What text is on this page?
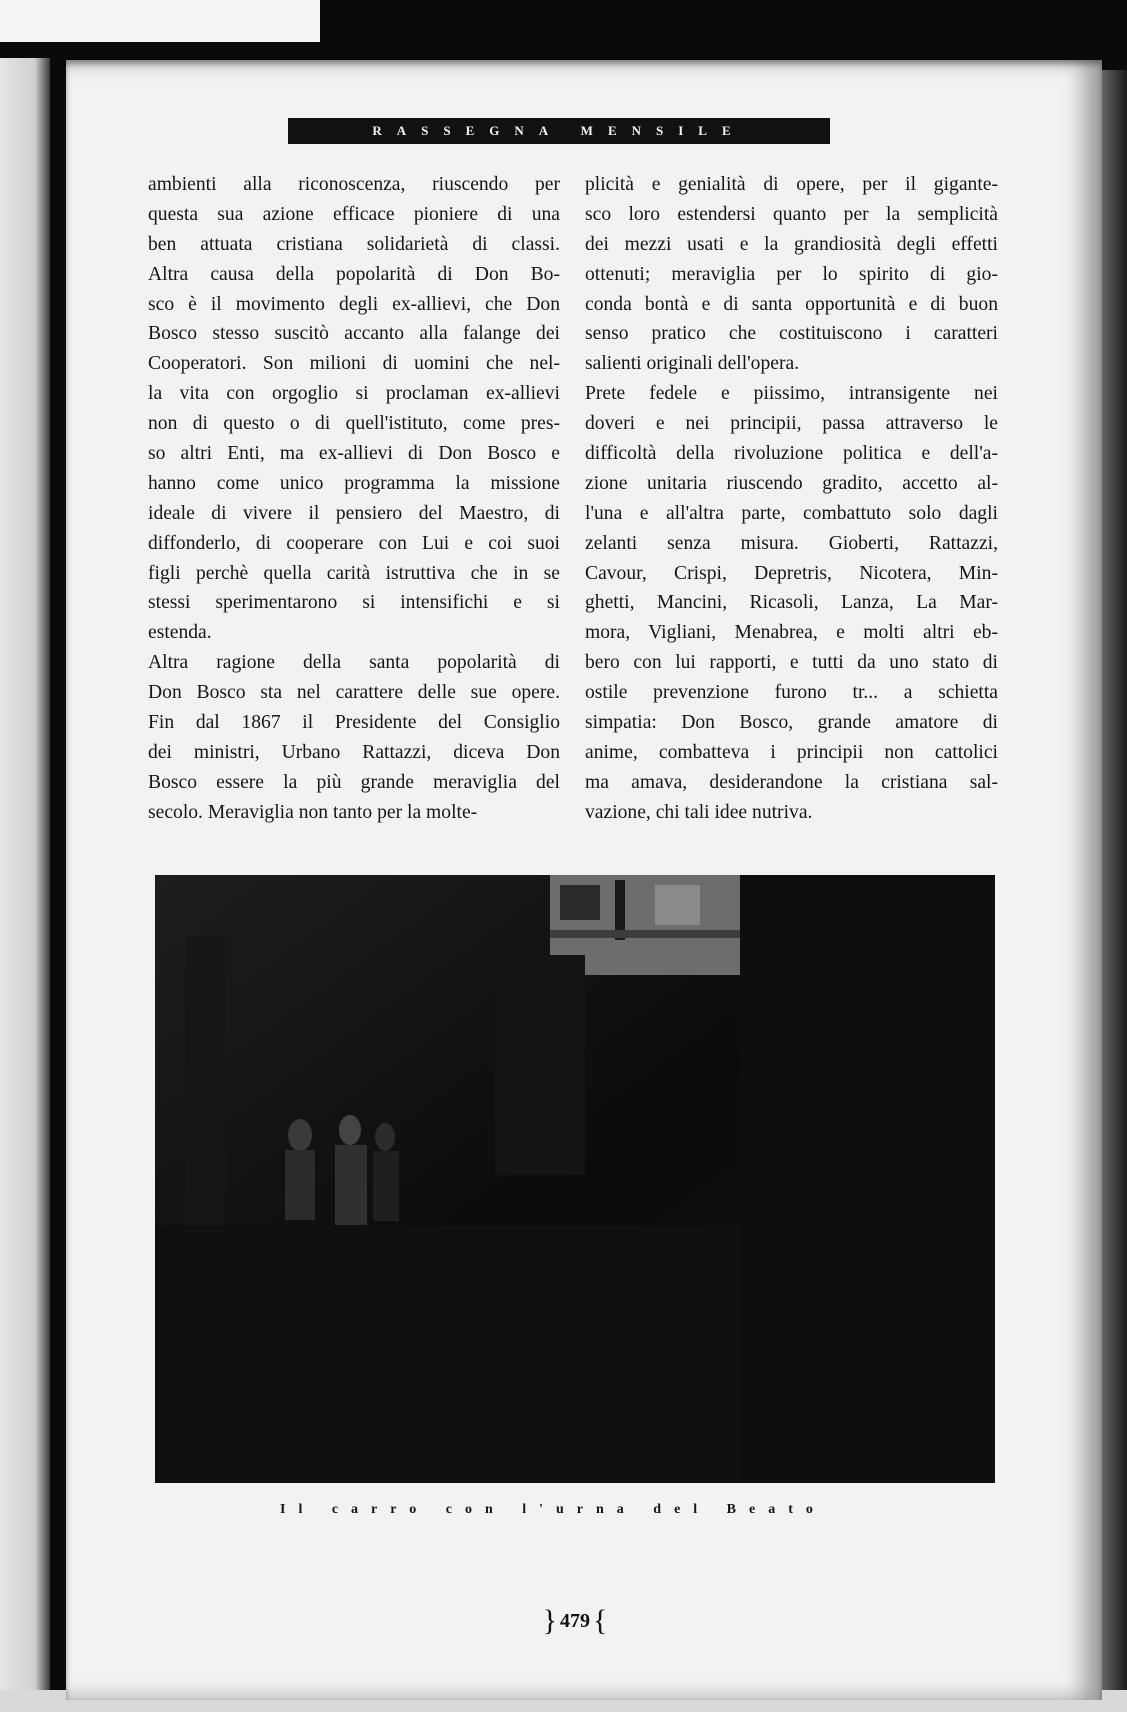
RASSEGNA MENSILE
ambienti alla riconoscenza, riuscendo per
questa sua azione efficace pioniere di una
ben attuata cristiana solidarietà di classi.
Altra causa della popolarità di Don Bo-
sco è il movimento degli ex-allievi, che Don
Bosco stesso suscitò accanto alla falange dei
Cooperatori. Son milioni di uomini che nel-
la vita con orgoglio si proclaman ex-allievi
non di questo o di quell'istituto, come pres-
so altri Enti, ma ex-allievi di Don Bosco e
hanno come unico programma la missione
ideale di vivere il pensiero del Maestro, di
diffonderlo, di cooperare con Lui e coi suoi
figli perchè quella carità istruttiva che in se
stessi sperimentarono si intensifichi e si
estenda.
Altra ragione della santa popolarità di
Don Bosco sta nel carattere delle sue opere.
Fin dal 1867 il Presidente del Consiglio
dei ministri, Urbano Rattazzi, diceva Don
Bosco essere la più grande meraviglia del
secolo. Meraviglia non tanto per la molte-
plicità e genialità di opere, per il gigante-
sco loro estendersi quanto per la semplicità
dei mezzi usati e la grandiosità degli effetti
ottenuti; meraviglia per lo spirito di gio-
conda bontà e di santa opportunità e di buon
senso pratico che costituiscono i caratteri
salienti originali dell'opera.
Prete fedele e piissimo, intransigente nei
doveri e nei principii, passa attraverso le
difficoltà della rivoluzione politica e dell'a-
zione unitaria riuscendo gradito, accetto al-
l'una e all'altra parte, combattuto solo dagli
zelanti senza misura. Gioberti, Rattazzi,
Cavour, Crispi, Depretris, Nicotera, Min-
ghetti, Mancini, Ricasoli, Lanza, La Mar-
mora, Vigliani, Menabrea, e molti altri eb-
bero con lui rapporti, e tutti da uno stato di
ostile prevenzione furono tr... a schietta
simpatia: Don Bosco, grande amatore di
anime, combatteva i principii non cattolici
ma amava, desiderandone la cristiana sal-
vazione, chi tali idee nutriva.
Il carro con l'urna del Beato
} 479 {
